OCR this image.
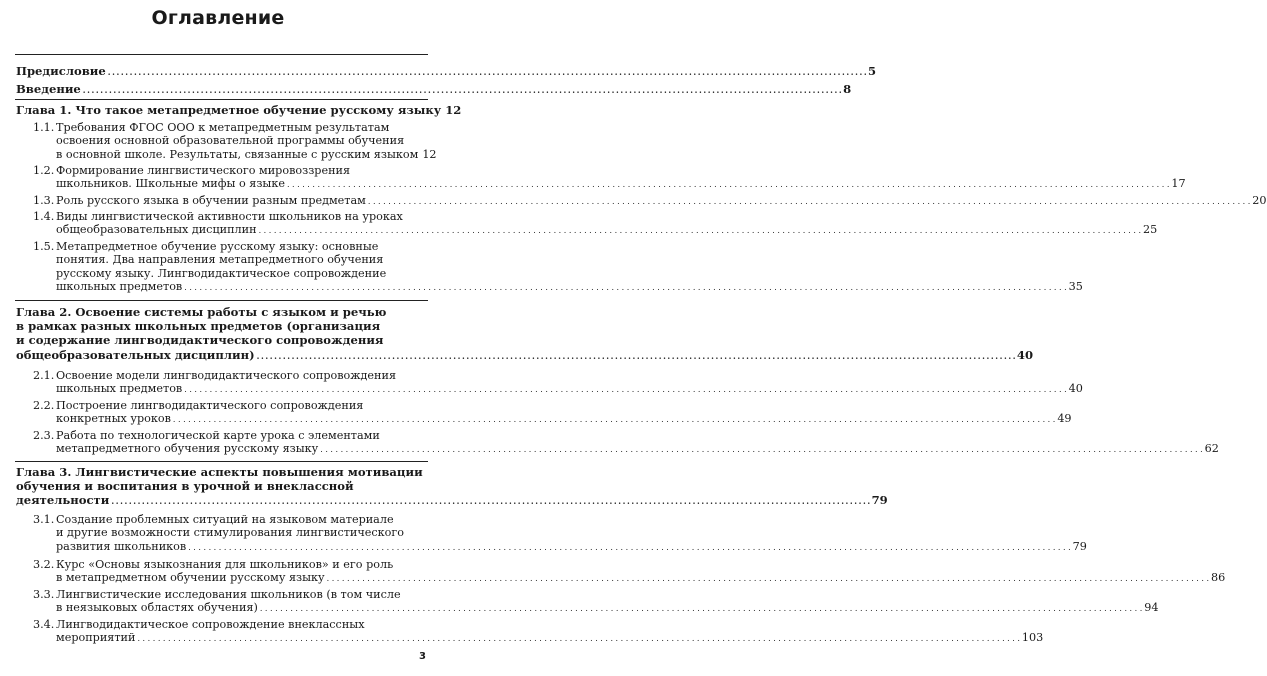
Оглавление
Предисловие . . .	5
Введение . . .	8
Глава 1. Что такое метапредметное обучение русскому языку 12
1.1. Требования ФГОС ООО к метапредметным результатам
освоения основной образовательной программы обучения
в основной школе. Результаты, связанные с русским языком 12
1.2. Формирование лингвистического мировоззрения
школьников. Школьные мифы о языке . . .	17
1.3. Роль русского языка в обучении разным предметам . . .	20
1.4. Виды лингвистической активности школьников на уроках
общеобразовательных дисциплин . . .	25
1.5. Метапредметное обучение русскому языку: основные
понятия. Два направления метапредметного обучения
русскому языку. Лингводидактическое сопровождение
школьных предметов . . .	35
Глава 2. Освоение системы работы с языком и речью
в рамках разных школьных предметов (организация
и содержание лингводидактического сопровождения
общеобразовательных дисциплин) . . .	40
2.1. Освоение модели лингводидактического сопровождения
школьных предметов . . .	40
2.2. Построение лингводидактического сопровождения
конкретных уроков . . .	49
2.3. Работа по технологической карте урока с элементами
метапредметного обучения русскому языку . . .	62
Глава 3. Лингвистические аспекты повышения мотивации
обучения и воспитания в урочной и внеклассной
деятельности . . .	79
3.1. Создание проблемных ситуаций на языковом материале
и другие возможности стимулирования лингвистического
развития школьников . . .	79
3.2. Курс «Основы языкознания для школьников» и его роль
в метапредметном обучении русскому языку . . .	86
3.3. Лингвистические исследования школьников (в том числе
в неязыковых областях обучения) . . .	94
3.4. Лингводидактическое сопровождение внеклассных
мероприятий . . .	103
3
